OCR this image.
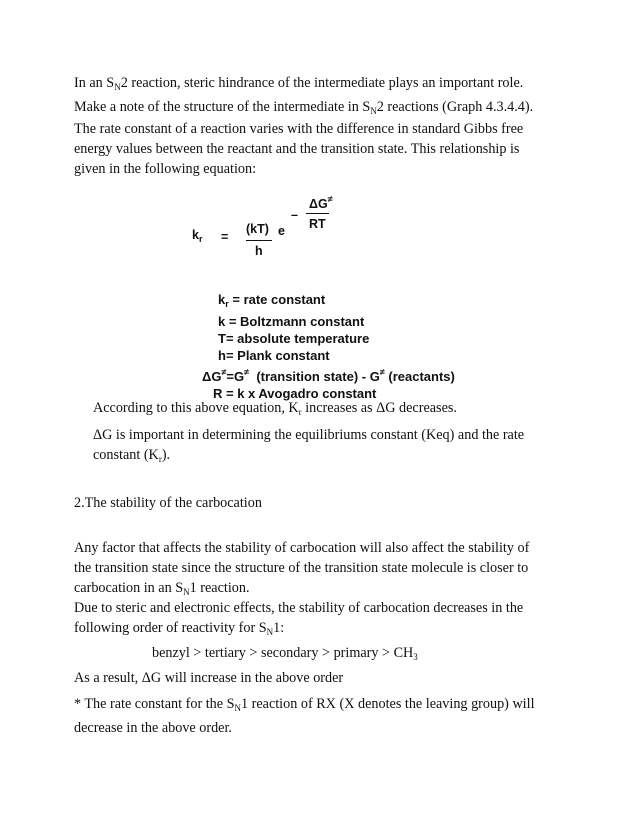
In an $S_N2$ reaction, steric hindrance of the intermediate plays an important role.
Make a note of the structure of the intermediate in $S_N2$ reactions (Graph 4.3.4.4).
The rate constant of a reaction varies with the difference in standard Gibbs free
energy values between the reactant and the transition state. This relationship is
given in the following equation:
$k_r$ =
(kT)
h
e
–
ΔG≠
RT
$k_r$ = rate constant
k = Boltzmann constant
T= absolute temperature
h= Plank constant
ΔG≠=G≠  (transition state) - G≠ (reactants)
R = k x Avogadro constant
According to this above equation, $K_r$ increases as ΔG decreases.
ΔG is important in determining the equilibriums constant (Keq) and the rate
constant $(K_r)$.
2.The stability of the carbocation
Any factor that affects the stability of carbocation will also affect the stability of
the transition state since the structure of the transition state molecule is closer to
carbocation in an $S_N1$ reaction.
Due to steric and electronic effects, the stability of carbocation decreases in the
following order of reactivity for $S_N1$:
benzyl > tertiary > secondary > primary > $CH_3$
As a result, ΔG will increase in the above order
* The rate constant for the $S_N1$ reaction of RX (X denotes the leaving group) will
decrease in the above order.
